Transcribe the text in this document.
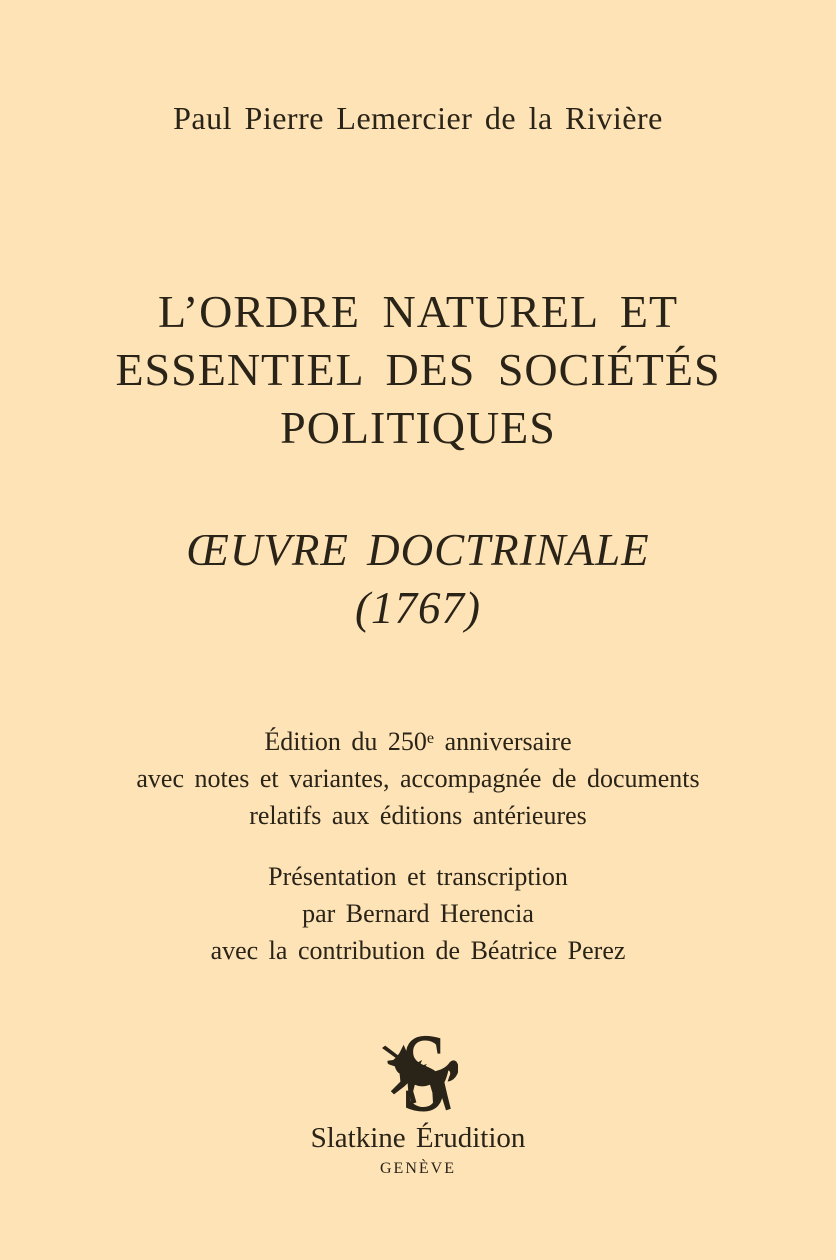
Paul Pierre Lemercier de la Rivière
L’ORDRE NATUREL ET
ESSENTIEL DES SOCIÉTÉS
POLITIQUES
ŒUVRE DOCTRINALE
(1767)
Édition du 250e anniversaire
avec notes et variantes, accompagnée de documents
relatifs aux éditions antérieures
Présentation et transcription
par Bernard Herencia
avec la contribution de Béatrice Perez
Slatkine Érudition
GENÈVE
